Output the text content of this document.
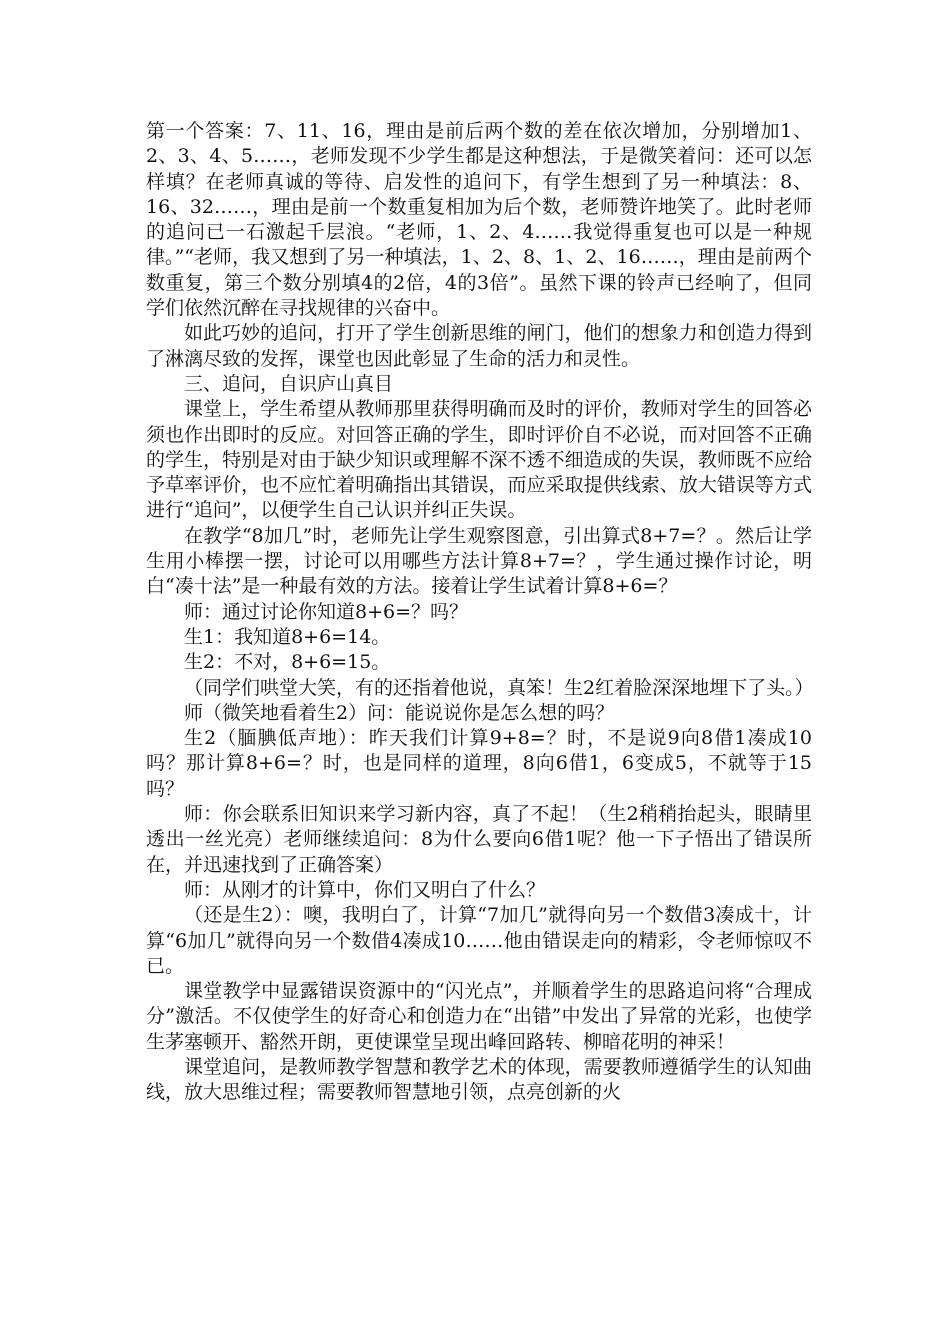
第一个答案：7、11、16，理由是前后两个数的差在依次增加，分别增加1、2、3、4、5……，老师发现不少学生都是这种想法，于是微笑着问：还可以怎样填？在老师真诚的等待、启发性的追问下，有学生想到了另一种填法：8、16、32……，理由是前一个数重复相加为后个数，老师赞许地笑了。此时老师的追问已一石激起千层浪。“老师，1、2、4……我觉得重复也可以是一种规律。”“老师，我又想到了另一种填法，1、2、8、1、2、16……，理由是前两个数重复，第三个数分别填4的2倍，4的3倍”。虽然下课的铃声已经响了，但同学们依然沉醉在寻找规律的兴奋中。

如此巧妙的追问，打开了学生创新思维的闸门，他们的想象力和创造力得到了淋漓尽致的发挥，课堂也因此彰显了生命的活力和灵性。

三、追问，自识庐山真目

课堂上，学生希望从教师那里获得明确而及时的评价，教师对学生的回答必须也作出即时的反应。对回答正确的学生，即时评价自不必说，而对回答不正确的学生，特别是对由于缺少知识或理解不深不透不细造成的失误，教师既不应给予草率评价，也不应忙着明确指出其错误，而应采取提供线索、放大错误等方式进行“追问”，以便学生自己认识并纠正失误。

在教学“8加几”时，老师先让学生观察图意，引出算式8+7=？。然后让学生用小棒摆一摆，讨论可以用哪些方法计算8+7=？，学生通过操作讨论，明白“凑十法”是一种最有效的方法。接着让学生试着计算8+6=？

师：通过讨论你知道8+6=？吗？

生1：我知道8+6=14。

生2：不对，8+6=15。

（同学们哄堂大笑，有的还指着他说，真笨！生2红着脸深深地埋下了头。）

师（微笑地看着生2）问：能说说你是怎么想的吗？

生2（腼腆低声地）：昨天我们计算9+8=？时，不是说9向8借1凑成10吗？那计算8+6=？时，也是同样的道理，8向6借1，6变成5，不就等于15吗？

师：你会联系旧知识来学习新内容，真了不起！（生2稍稍抬起头，眼睛里透出一丝光亮）老师继续追问：8为什么要向6借1呢？他一下子悟出了错误所在，并迅速找到了正确答案）

师：从刚才的计算中，你们又明白了什么？

（还是生2）：噢，我明白了，计算“7加几”就得向另一个数借3凑成十，计算“6加几”就得向另一个数借4凑成10……他由错误走向的精彩，令老师惊叹不已。

课堂教学中显露错误资源中的“闪光点”，并顺着学生的思路追问将“合理成分”激活。不仅使学生的好奇心和创造力在“出错”中发出了异常的光彩，也使学生茅塞顿开、豁然开朗，更使课堂呈现出峰回路转、柳暗花明的神采！

课堂追问，是教师教学智慧和教学艺术的体现，需要教师遵循学生的认知曲线，放大思维过程；需要教师智慧地引领，点亮创新的火
